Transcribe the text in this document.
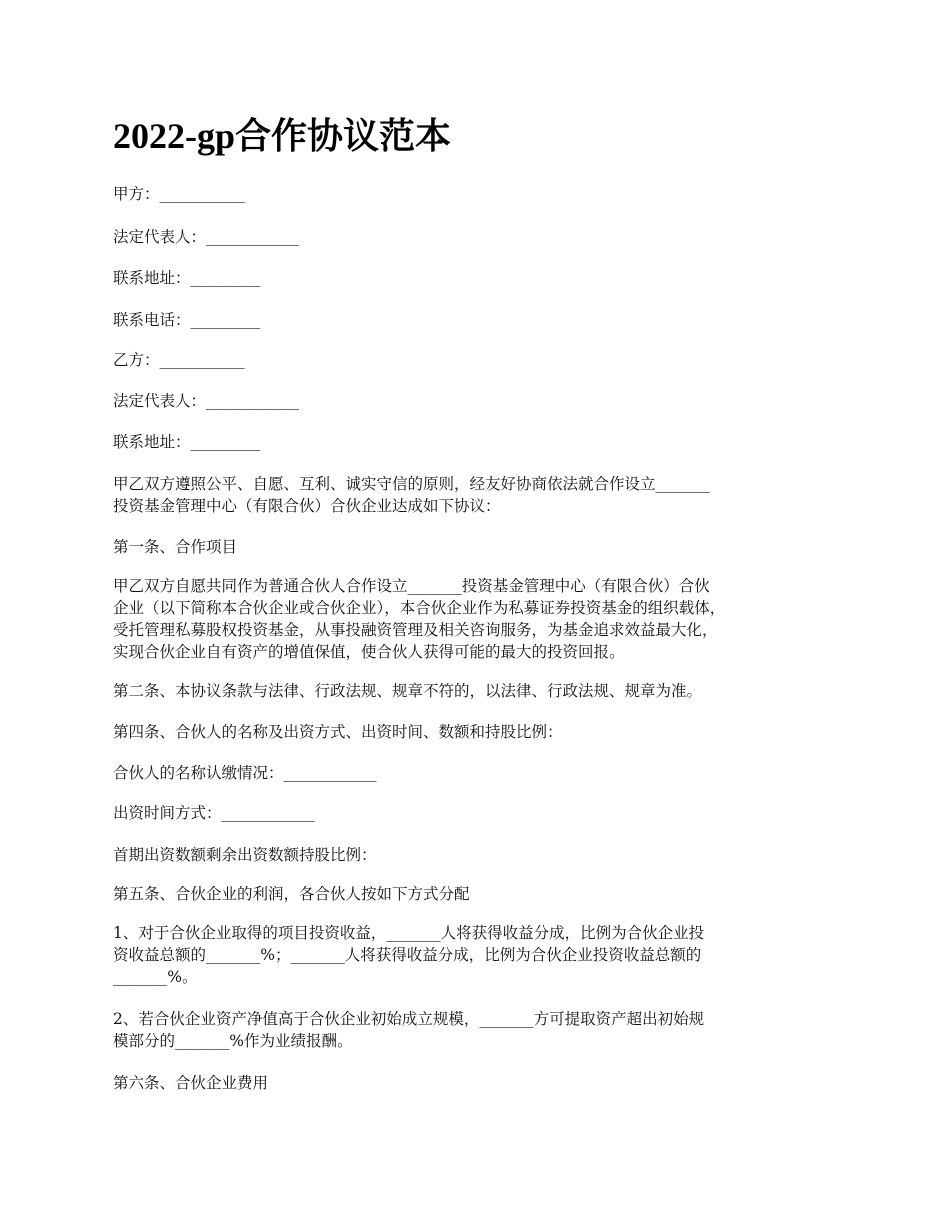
2022-gp合作协议范本

甲方：___________

法定代表人：____________

联系地址：_________

联系电话：_________

乙方：___________

法定代表人：____________

联系地址：_________

甲乙双方遵照公平、自愿、互利、诚实守信的原则，经友好协商依法就合作设立_______
投资基金管理中心（有限合伙）合伙企业达成如下协议：

第一条、合作项目

甲乙双方自愿共同作为普通合伙人合作设立_______投资基金管理中心（有限合伙）合伙
企业（以下简称本合伙企业或合伙企业），本合伙企业作为私募证券投资基金的组织载体，
受托管理私募股权投资基金，从事投融资管理及相关咨询服务，为基金追求效益最大化，
实现合伙企业自有资产的增值保值，使合伙人获得可能的最大的投资回报。

第二条、本协议条款与法律、行政法规、规章不符的，以法律、行政法规、规章为准。

第四条、合伙人的名称及出资方式、出资时间、数额和持股比例：

合伙人的名称认缴情况：____________

出资时间方式：____________

首期出资数额剩余出资数额持股比例：

第五条、合伙企业的利润，各合伙人按如下方式分配

1、对于合伙企业取得的项目投资收益，_______人将获得收益分成，比例为合伙企业投
资收益总额的_______%；_______人将获得收益分成，比例为合伙企业投资收益总额的
_______%。

2、若合伙企业资产净值高于合伙企业初始成立规模，_______方可提取资产超出初始规
模部分的_______%作为业绩报酬。

第六条、合伙企业费用
